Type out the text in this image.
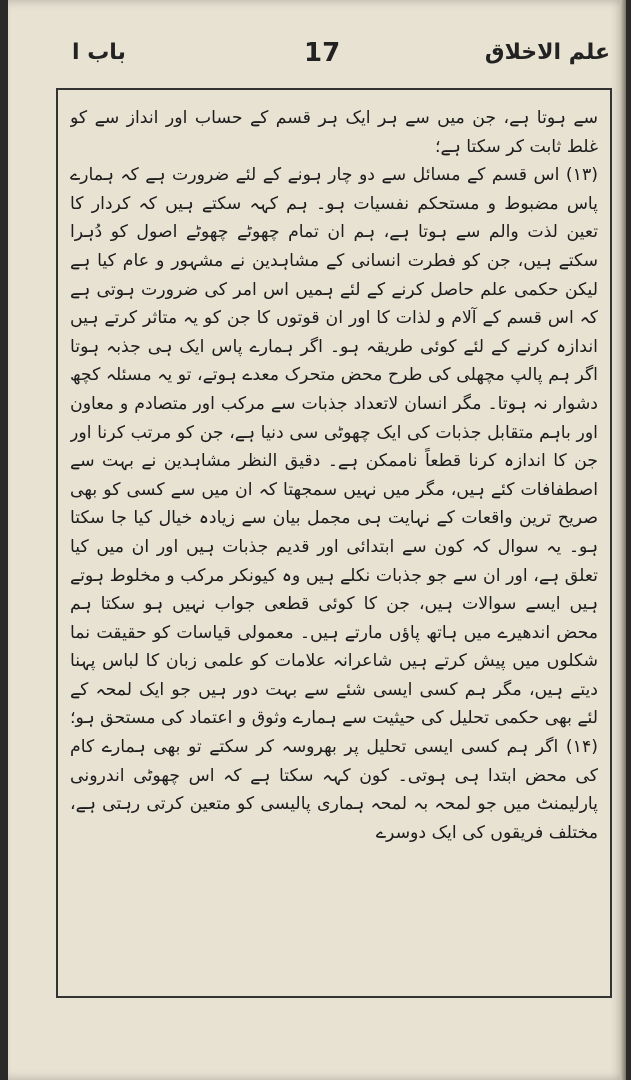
علم الاخلاق
17
باب ا

سے ہوتا ہے، جن میں سے ہر ایک ہر قسم کے حساب اور انداز سے کو غلط ثابت کر سکتا ہے؛

(۱۳) اس قسم کے مسائل سے دو چار ہونے کے لئے ضرورت ہے کہ ہمارے پاس مضبوط و مستحکم نفسیات ہو۔ ہم کہہ سکتے ہیں کہ کردار کا تعین لذت والم سے ہوتا ہے، ہم ان تمام چھوٹے چھوٹے اصول کو دُہرا سکتے ہیں، جن کو فطرت انسانی کے مشاہدین نے مشہور و عام کیا ہے لیکن حکمی علم حاصل کرنے کے لئے ہمیں اس امر کی ضرورت ہوتی ہے کہ اس قسم کے آلام و لذات کا اور ان قوتوں کا جن کو یہ متاثر کرتے ہیں اندازہ کرنے کے لئے کوئی طریقہ ہو۔ اگر ہمارے پاس ایک ہی جذبہ ہوتا اگر ہم پالپ مچھلی کی طرح محض متحرک معدے ہوتے، تو یہ مسئلہ کچھ دشوار نہ ہوتا۔ مگر انسان لاتعداد جذبات سے مرکب اور متصادم و معاون اور باہم متقابل جذبات کی ایک چھوٹی سی دنیا ہے، جن کو مرتب کرنا اور جن کا اندازہ کرنا قطعاً ناممکن ہے۔ دقیق النظر مشاہدین نے بہت سے اصطفافات کئے ہیں، مگر میں نہیں سمجھتا کہ ان میں سے کسی کو بھی صریح ترین واقعات کے نہایت ہی مجمل بیان سے زیادہ خیال کیا جا سکتا ہو۔ یہ سوال کہ کون سے ابتدائی اور قدیم جذبات ہیں اور ان میں کیا تعلق ہے، اور ان سے جو جذبات نکلے ہیں وہ کیونکر مرکب و مخلوط ہوتے ہیں ایسے سوالات ہیں، جن کا کوئی قطعی جواب نہیں ہو سکتا ہم محض اندھیرے میں ہاتھ پاؤں مارتے ہیں۔ معمولی قیاسات کو حقیقت نما شکلوں میں پیش کرتے ہیں شاعرانہ علامات کو علمی زبان کا لباس پہنا دیتے ہیں، مگر ہم کسی ایسی شئے سے بہت دور ہیں جو ایک لمحہ کے لئے بھی حکمی تحلیل کی حیثیت سے ہمارے وثوق و اعتماد کی مستحق ہو؛

(۱۴) اگر ہم کسی ایسی تحلیل پر بھروسہ کر سکتے تو بھی ہمارے کام کی محض ابتدا ہی ہوتی۔ کون کہہ سکتا ہے کہ اس چھوٹی اندرونی پارلیمنٹ میں جو لمحہ بہ لمحہ ہماری پالیسی کو متعین کرتی رہتی ہے، مختلف فریقوں کی ایک دوسرے
